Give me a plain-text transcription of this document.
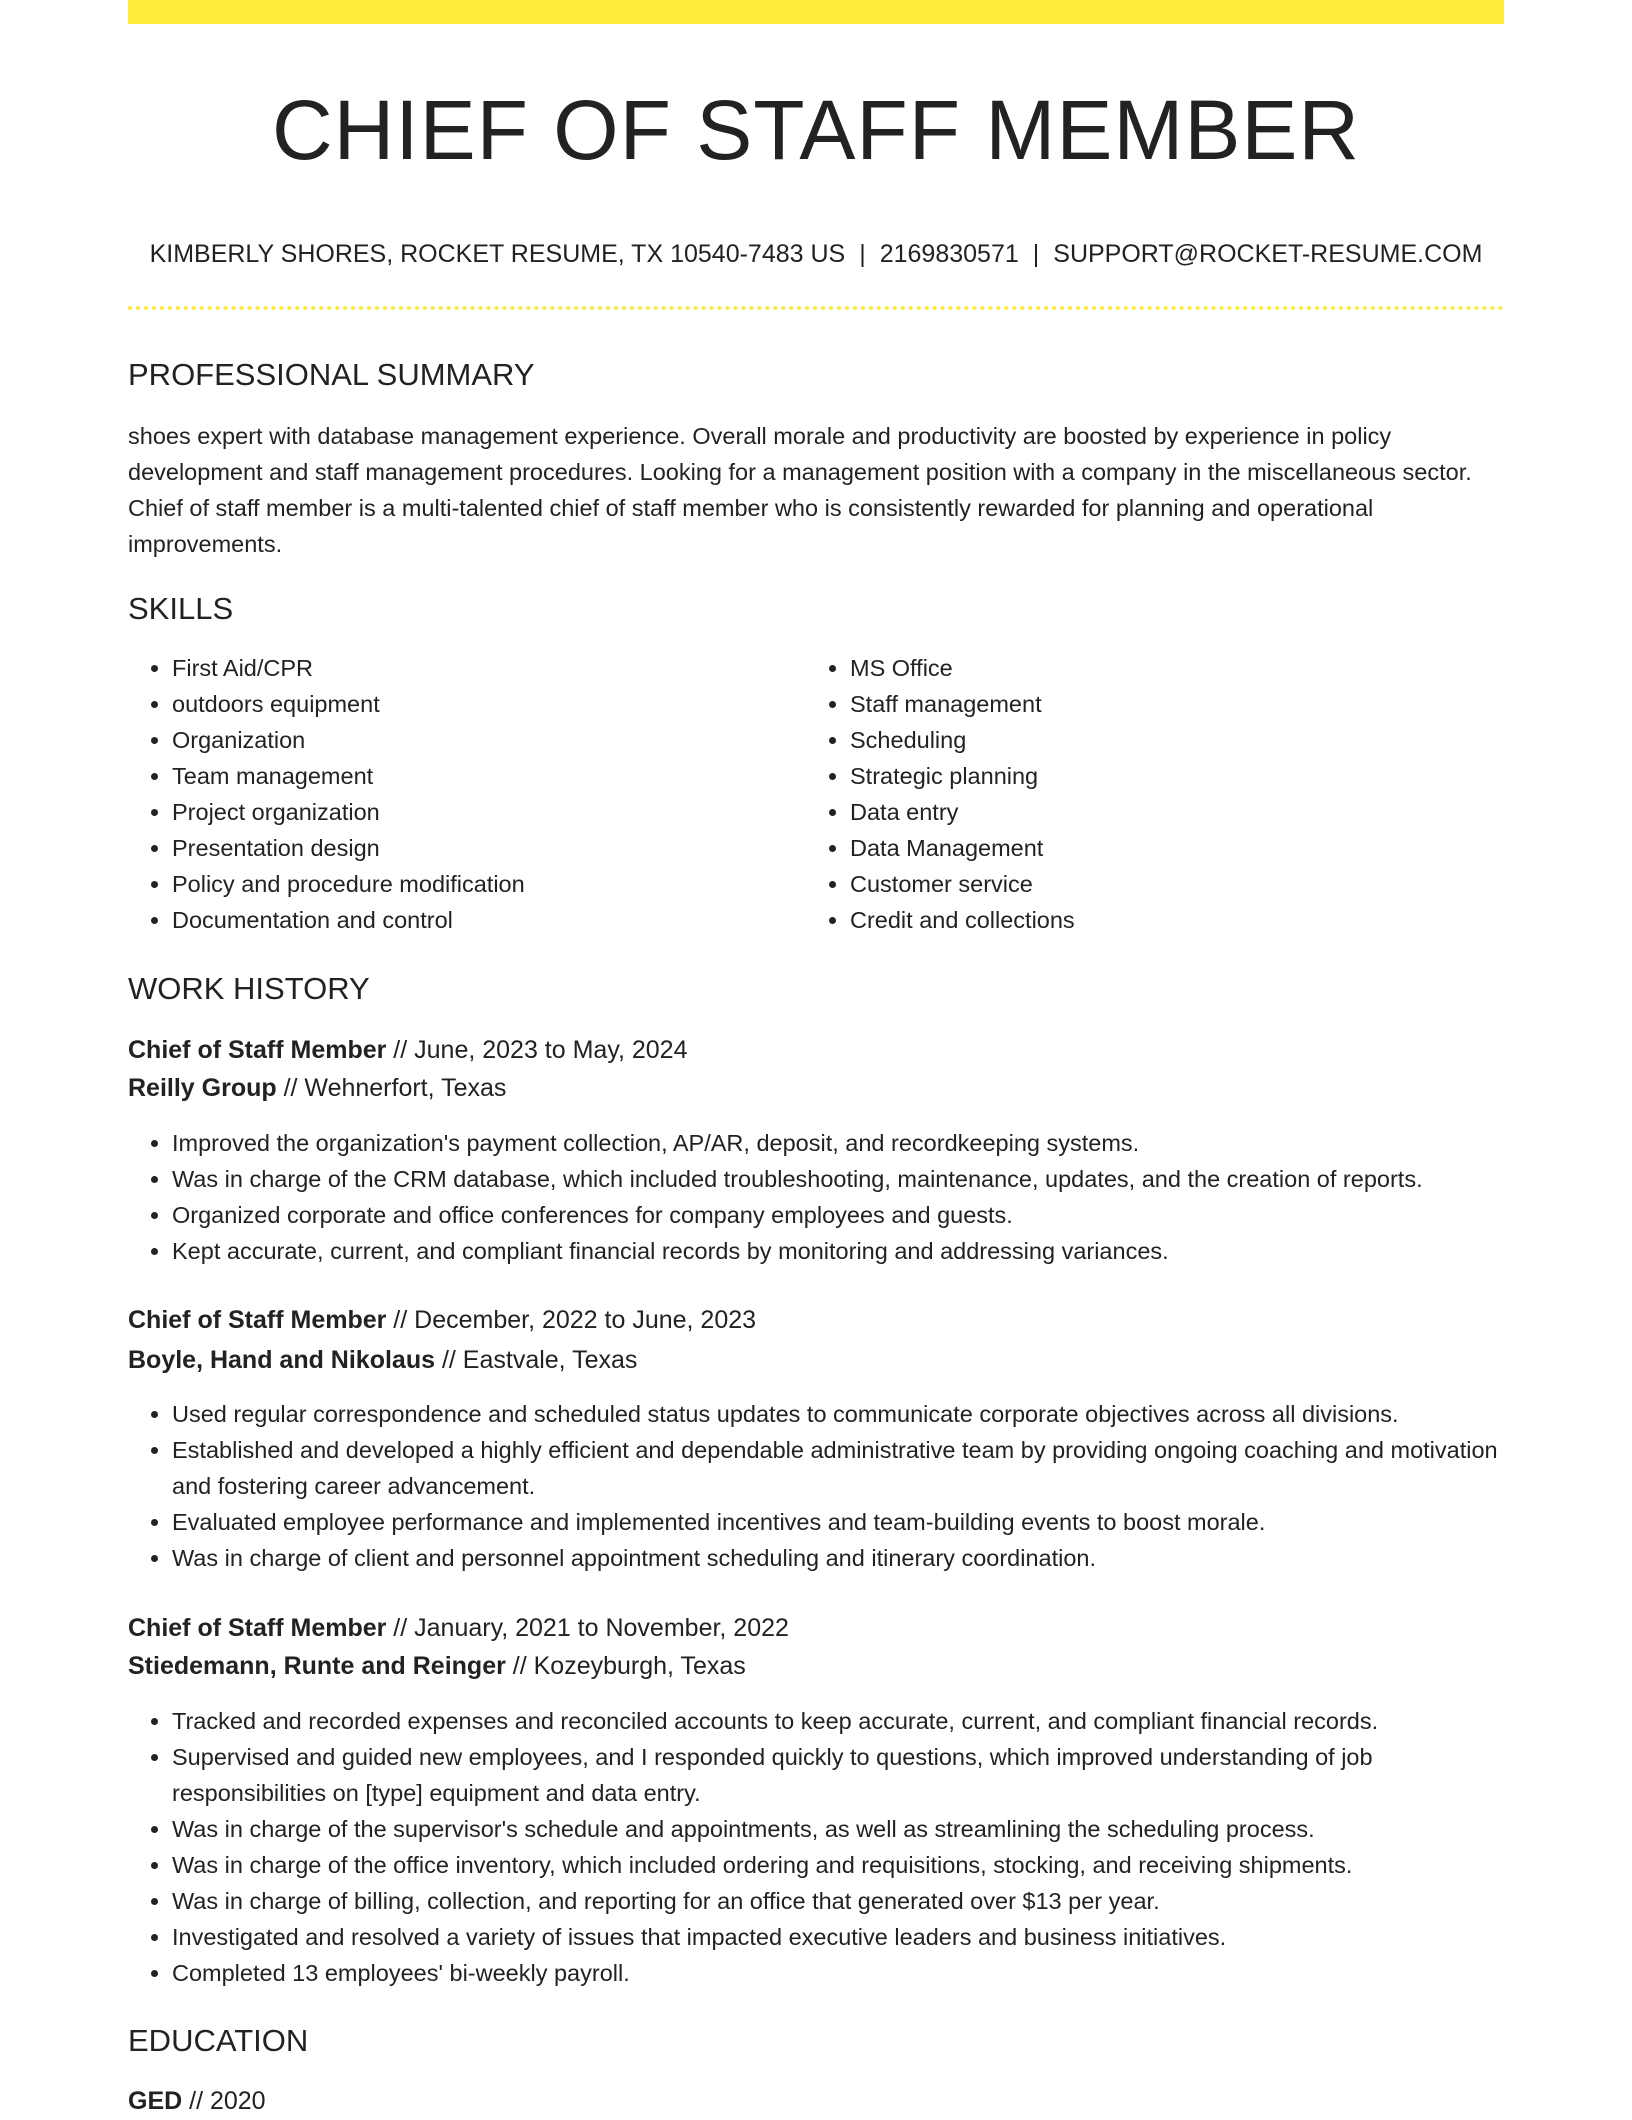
CHIEF OF STAFF MEMBER
KIMBERLY SHORES, ROCKET RESUME, TX 10540-7483 US | 2169830571 | SUPPORT@ROCKET-RESUME.COM
PROFESSIONAL SUMMARY
shoes expert with database management experience. Overall morale and productivity are boosted by experience in policy development and staff management procedures. Looking for a management position with a company in the miscellaneous sector. Chief of staff member is a multi-talented chief of staff member who is consistently rewarded for planning and operational improvements.
SKILLS
• First Aid/CPR
• outdoors equipment
• Organization
• Team management
• Project organization
• Presentation design
• Policy and procedure modification
• Documentation and control
• MS Office
• Staff management
• Scheduling
• Strategic planning
• Data entry
• Data Management
• Customer service
• Credit and collections
WORK HISTORY
Chief of Staff Member // June, 2023 to May, 2024
Reilly Group // Wehnerfort, Texas
• Improved the organization's payment collection, AP/AR, deposit, and recordkeeping systems.
• Was in charge of the CRM database, which included troubleshooting, maintenance, updates, and the creation of reports.
• Organized corporate and office conferences for company employees and guests.
• Kept accurate, current, and compliant financial records by monitoring and addressing variances.
Chief of Staff Member // December, 2022 to June, 2023
Boyle, Hand and Nikolaus // Eastvale, Texas
• Used regular correspondence and scheduled status updates to communicate corporate objectives across all divisions.
• Established and developed a highly efficient and dependable administrative team by providing ongoing coaching and motivation and fostering career advancement.
• Evaluated employee performance and implemented incentives and team-building events to boost morale.
• Was in charge of client and personnel appointment scheduling and itinerary coordination.
Chief of Staff Member // January, 2021 to November, 2022
Stiedemann, Runte and Reinger // Kozeyburgh, Texas
• Tracked and recorded expenses and reconciled accounts to keep accurate, current, and compliant financial records.
• Supervised and guided new employees, and I responded quickly to questions, which improved understanding of job responsibilities on [type] equipment and data entry.
• Was in charge of the supervisor's schedule and appointments, as well as streamlining the scheduling process.
• Was in charge of the office inventory, which included ordering and requisitions, stocking, and receiving shipments.
• Was in charge of billing, collection, and reporting for an office that generated over $13 per year.
• Investigated and resolved a variety of issues that impacted executive leaders and business initiatives.
• Completed 13 employees' bi-weekly payroll.
EDUCATION
GED // 2020
